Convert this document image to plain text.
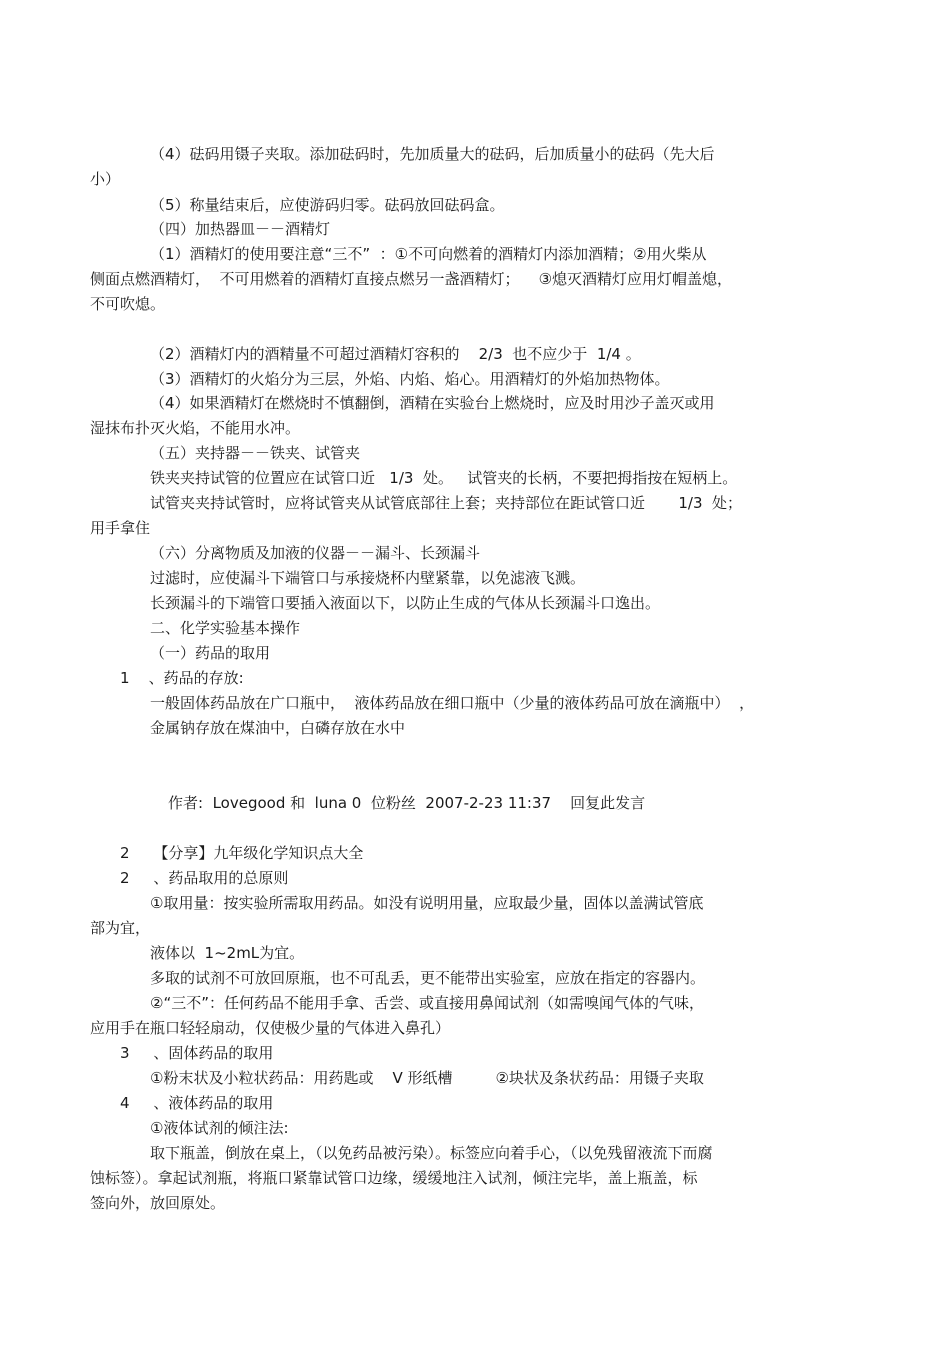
（4）砝码用镊子夹取。添加砝码时，先加质量大的砝码，后加质量小的砝码（先大后
小）
（5）称量结束后，应使游码归零。砝码放回砝码盒。
（四）加热器皿－－酒精灯
（1）酒精灯的使用要注意“三不”  ：①不可向燃着的酒精灯内添加酒精；②用火柴从
侧面点燃酒精灯，  不可用燃着的酒精灯直接点燃另一盏酒精灯；    ③熄灭酒精灯应用灯帽盖熄，
不可吹熄。
（2）酒精灯内的酒精量不可超过酒精灯容积的    2/3  也不应少于  1/4 。
（3）酒精灯的火焰分为三层，外焰、内焰、焰心。用酒精灯的外焰加热物体。
（4）如果酒精灯在燃烧时不慎翻倒，酒精在实验台上燃烧时，应及时用沙子盖灭或用
湿抹布扑灭火焰，不能用水冲。
（五）夹持器－－铁夹、试管夹
铁夹夹持试管的位置应在试管口近   1/3  处。   试管夹的长柄，不要把拇指按在短柄上。
试管夹夹持试管时，应将试管夹从试管底部往上套；夹持部位在距试管口近       1/3  处；
用手拿住
（六）分离物质及加液的仪器－－漏斗、长颈漏斗
过滤时，应使漏斗下端管口与承接烧杯内壁紧靠，以免滤液飞溅。
长颈漏斗的下端管口要插入液面以下，以防止生成的气体从长颈漏斗口逸出。
二、化学实验基本操作
（一）药品的取用
1    、药品的存放:
一般固体药品放在广口瓶中，  液体药品放在细口瓶中（少量的液体药品可放在滴瓶中）  ，
金属钠存放在煤油中，白磷存放在水中
作者:  Lovegood 和  luna 0  位粉丝  2007-2-23 11:37    回复此发言
2     【分享】九年级化学知识点大全
2     、药品取用的总原则
①取用量：按实验所需取用药品。如没有说明用量，应取最少量，固体以盖满试管底
部为宜，
液体以  1~2mL为宜。
多取的试剂不可放回原瓶，也不可乱丢，更不能带出实验室，应放在指定的容器内。
②“三不”：任何药品不能用手拿、舌尝、或直接用鼻闻试剂（如需嗅闻气体的气味，
应用手在瓶口轻轻扇动，仅使极少量的气体进入鼻孔）
3     、固体药品的取用
①粉末状及小粒状药品：用药匙或    V 形纸槽         ②块状及条状药品：用镊子夹取
4     、液体药品的取用
①液体试剂的倾注法:
取下瓶盖，倒放在桌上，（以免药品被污染）。标签应向着手心，（以免残留液流下而腐
蚀标签）。拿起试剂瓶，将瓶口紧靠试管口边缘，缓缓地注入试剂，倾注完毕，盖上瓶盖，标
签向外，放回原处。
